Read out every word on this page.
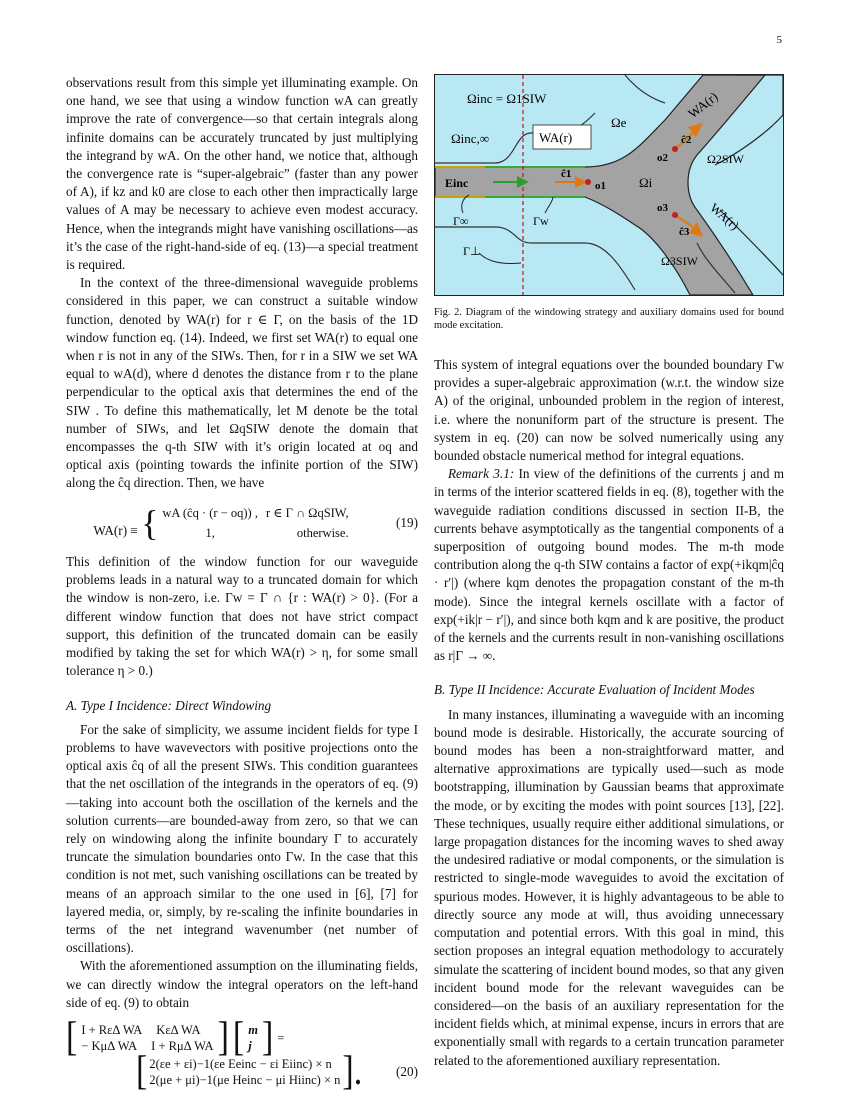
5

observations result from this simple yet illuminating example. On one hand, we see that using a window function wA can greatly improve the rate of convergence—so that certain integrals along infinite domains can be accurately truncated by just multiplying the integrand by wA. On the other hand, we notice that, although the convergence rate is “super-algebraic” (faster than any power of A), if kz and k0 are close to each other then impractically large values of A may be necessary to achieve even modest accuracy. Hence, when the integrands might have vanishing oscillations—as it’s the case of the right-hand-side of eq. (13)—a special treatment is required.

In the context of the three-dimensional waveguide problems considered in this paper, we can construct a suitable window function, denoted by WA(r) for r ∈ Γ, on the basis of the 1D window function eq. (14). Indeed, we first set WA(r) to equal one when r is not in any of the SIWs. Then, for r in a SIW we set WA equal to wA(d), where d denotes the distance from r to the plane perpendicular to the optical axis that determines the end of the SIW . To define this mathematically, let M denote be the total number of SIWs, and let ΩqSIW denote the domain that encompasses the q-th SIW with it’s origin located at oq and optical axis (pointing towards the infinite portion of the SIW) along the ĉq direction. Then, we have

WA(r) ≡ { wA (ĉq · (r − oq)) ,	r ∈ Γ ∩ ΩqSIW,
1,	otherwise.
(19)

This definition of the window function for our waveguide problems leads in a natural way to a truncated domain for which the window is non-zero, i.e. Γw = Γ ∩ {r : WA(r) > 0}. (For a different window function that does not have strict compact support, this definition of the truncated domain can be easily modified by taking the set for which WA(r) > η, for some small tolerance η > 0.)

A. Type I Incidence: Direct Windowing

For the sake of simplicity, we assume incident fields for type I problems to have wavevectors with positive projections onto the optical axis ĉq of all the present SIWs. This condition guarantees that the net oscillation of the integrands in the operators of eq. (9)—taking into account both the oscillation of the kernels and the solution currents—are bounded-away from zero, so that we can rely on windowing along the infinite boundary Γ to accurately truncate the simulation boundaries onto Γw. In the case that this condition is not met, such vanishing oscillations can be treated by means of an approach similar to the one used in [6], [7] for layered media, or, simply, by re-scaling the infinite boundaries in terms of the net integrand wavenumber (net number of oscillations).

With the aforementioned assumption on the illuminating fields, we can directly window the integral operators on the left-hand side of eq. (9) to obtain

[ I + RεΔ WA KεΔ WA
− KμΔ WA I + RμΔ WA ] [ m
j ] =
[ 2(εe + εi)−1(εe Eeinc − εi Eiinc) × n
2(μe + μi)−1(μe Heinc − μi Hiinc) × n ].	(20)
Ωinc = Ω1SIW
Ωinc,∞	WA(r)
Ωe
WA(r)
ĉ2
o2	Ω2SIW
Einc
ĉ1
o1	Ωi
o3	WA(r)
Γ∞	Γw
ĉ3
Γ⊥
Ω3SIW
Fig. 2. Diagram of the windowing strategy and auxiliary domains used for bound mode excitation.

This system of integral equations over the bounded boundary Γw provides a super-algebraic approximation (w.r.t. the window size A) of the original, unbounded problem in the region of interest, i.e. where the nonuniform part of the structure is present. The system in eq. (20) can now be solved numerically using any bounded obstacle numerical method for integral equations.

Remark 3.1: In view of the definitions of the currents j and m in terms of the interior scattered fields in eq. (8), together with the waveguide radiation conditions discussed in section II-B, the currents behave asymptotically as the tangential components of a superposition of outgoing bound modes. The m-th mode contribution along the q-th SIW contains a factor of exp(+ikqm|ĉq · r′|) (where kqm denotes the propagation constant of the m-th mode). Since the integral kernels oscillate with a factor of exp(+ik|r − r′|), and since both kqm and k are positive, the product of the kernels and the currents result in non-vanishing oscillations as r|Γ → ∞.

B. Type II Incidence: Accurate Evaluation of Incident Modes

In many instances, illuminating a waveguide with an incoming bound mode is desirable. Historically, the accurate sourcing of bound modes has been a non-straightforward matter, and alternative approximations are typically used—such as mode bootstrapping, illumination by Gaussian beams that approximate the mode, or by exciting the modes with point sources [13], [22]. These techniques, usually require either additional simulations, or large propagation distances for the incoming waves to shed away the undesired radiative or modal components, or the simulation is restricted to single-mode waveguides to avoid the excitation of spurious modes. However, it is highly advantageous to be able to directly source any mode at will, thus avoiding unnecessary computation and potential errors. With this goal in mind, this section proposes an integral equation methodology to accurately simulate the scattering of incident bound modes, so that any given incident bound mode for the relevant waveguides can be considered—on the basis of an auxiliary representation for the incident fields which, at minimal expense, incurs in errors that are exponentially small with regards to a certain truncation parameter related to the aforementioned auxiliary representation.
